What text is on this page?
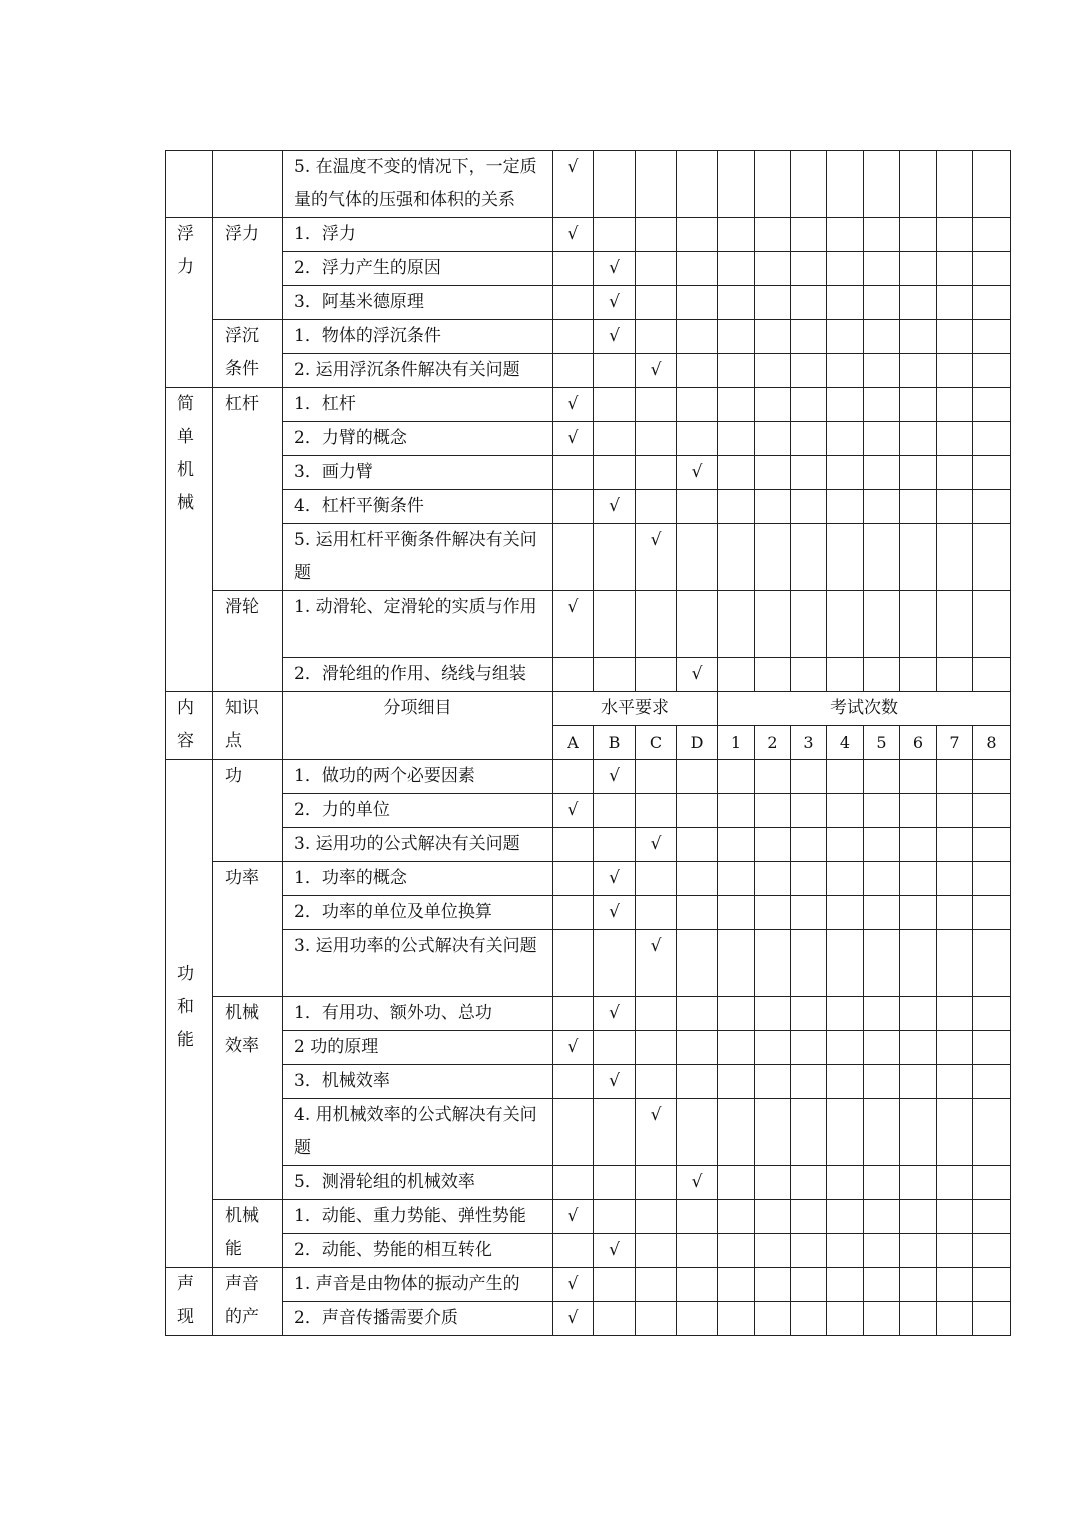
	5. 在温度不变的情况下，一定质量的气体的压强和体积的关系	√											

浮力	浮力	1．浮力	√											
		2．浮力产生的原因		√										
		3．阿基米德原理		√										

	浮沉条件	1．物体的浮沉条件		√										
		2. 运用浮沉条件解决有关问题			√									

简单机械	杠杆	1．杠杆	√											
		2．力臂的概念	√											
		3．画力臂				√								
		4．杠杆平衡条件		√										
		5. 运用杠杆平衡条件解决有关问题			√									

	滑轮	1. 动滑轮、定滑轮的实质与作用	√											
		2．滑轮组的作用、绕线与组装				√								

内容	知识点	分项细目	水平要求				考试次数							
			A	B	C	D	1	2	3	4	5	6	7	8

功和能	功	1．做功的两个必要因素		√										
		2．力的单位	√											
		3. 运用功的公式解决有关问题			√									

	功率	1．功率的概念		√										
		2．功率的单位及单位换算		√										
		3. 运用功率的公式解决有关问题			√									

	机械效率	1．有用功、额外功、总功		√										
		2 功的原理	√											
		3．机械效率		√										
		4. 用机械效率的公式解决有关问题			√									
		5．测滑轮组的机械效率				√								

	机械能	1．动能、重力势能、弹性势能	√											
		2．动能、势能的相互转化		√										

声现	声音的产	1. 声音是由物体的振动产生的	√											
		2．声音传播需要介质	√											
